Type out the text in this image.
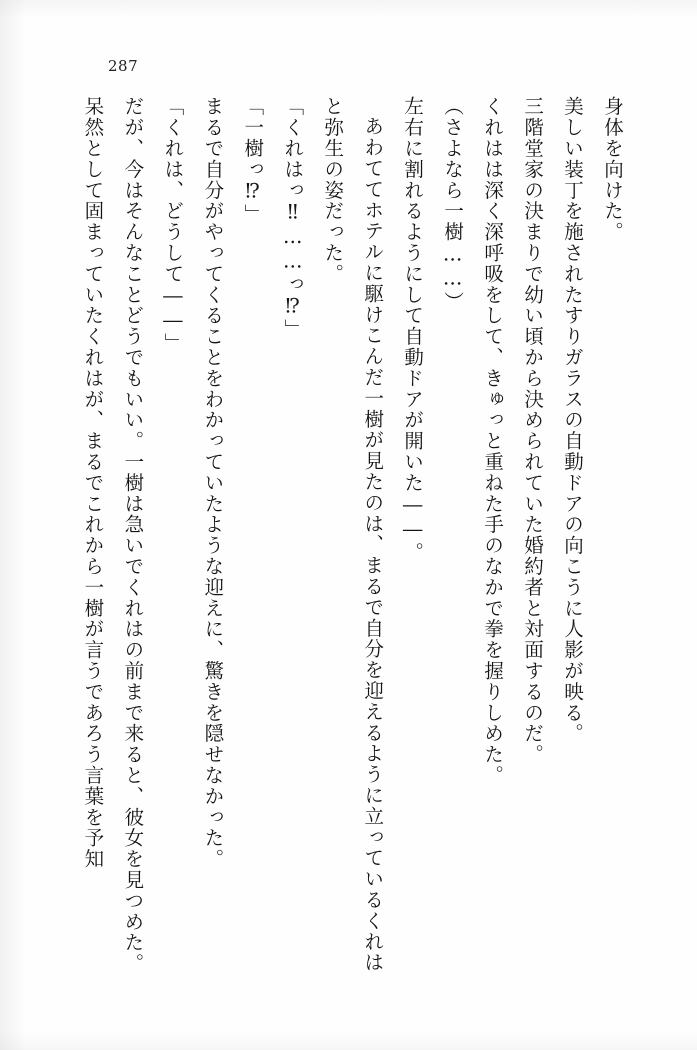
287

身体を向けた。

美しい装丁を施されたすりガラスの自動ドアの向こうに人影が映る。

三階堂家の決まりで幼い頃から決められていた婚約者と対面するのだ。

くれはは深く深呼吸をして、きゅっと重ねた手のなかで拳を握りしめた。

（さよなら一樹……）

左右に割れるようにして自動ドアが開いた――。

あわててホテルに駆けこんだ一樹が見たのは、まるで自分を迎えるように立っているくれはと弥生の姿だった。

「くれはっ‼……っ⁉」

「一樹っ⁉」

まるで自分がやってくることをわかっていたような迎えに、驚きを隠せなかった。

「くれは、どうして――」

だが、今はそんなことどうでもいい。一樹は急いでくれはの前まで来ると、彼女を見つめた。

呆然として固まっていたくれはが、まるでこれから一樹が言うであろう言葉を予知
